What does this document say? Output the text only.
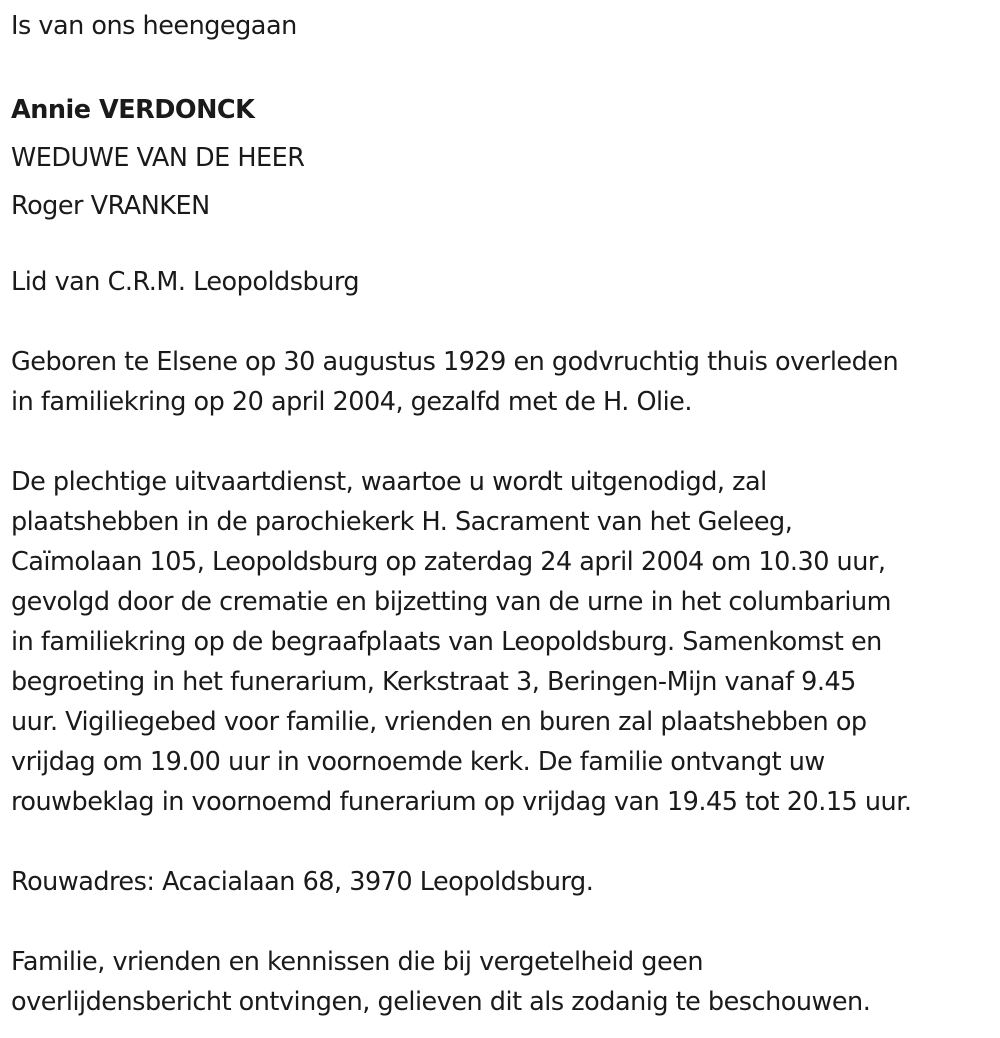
Is van ons heengegaan

Annie VERDONCK

WEDUWE VAN DE HEER

Roger VRANKEN

Lid van C.R.M. Leopoldsburg

Geboren te Elsene op 30 augustus 1929 en godvruchtig thuis overleden

in familiekring op 20 april 2004, gezalfd met de H. Olie.

De plechtige uitvaartdienst, waartoe u wordt uitgenodigd, zal

plaatshebben in de parochiekerk H. Sacrament van het Geleeg,

Caïmolaan 105, Leopoldsburg op zaterdag 24 april 2004 om 10.30 uur,

gevolgd door de crematie en bijzetting van de urne in het columbarium

in familiekring op de begraafplaats van Leopoldsburg. Samenkomst en

begroeting in het funerarium, Kerkstraat 3, Beringen-Mijn vanaf 9.45

uur. Vigiliegebed voor familie, vrienden en buren zal plaatshebben op

vrijdag om 19.00 uur in voornoemde kerk. De familie ontvangt uw

rouwbeklag in voornoemd funerarium op vrijdag van 19.45 tot 20.15 uur.

Rouwadres: Acacialaan 68, 3970 Leopoldsburg.

Familie, vrienden en kennissen die bij vergetelheid geen

overlijdensbericht ontvingen, gelieven dit als zodanig te beschouwen.
